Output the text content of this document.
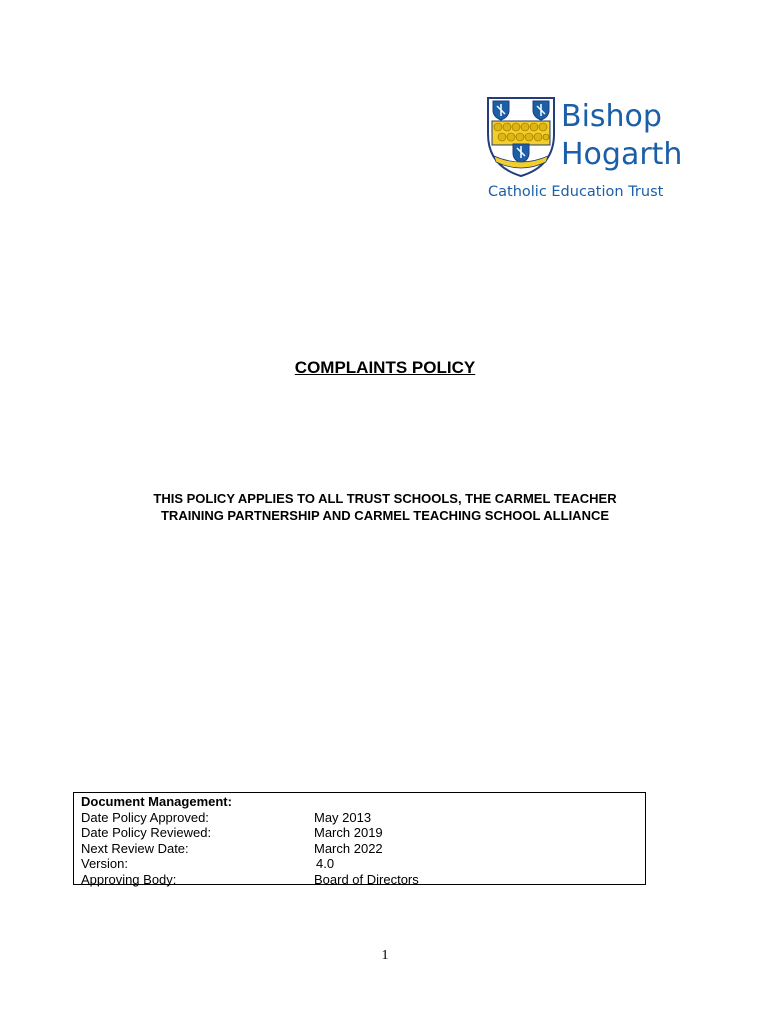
Bishop
Hogarth
Catholic Education Trust
COMPLAINTS POLICY
THIS POLICY APPLIES TO ALL TRUST SCHOOLS, THE CARMEL TEACHER
TRAINING PARTNERSHIP AND CARMEL TEACHING SCHOOL ALLIANCE
Document Management:
Date Policy Approved:	May 2013
Date Policy Reviewed:	March 2019
Next Review Date:	March 2022
Version:	4.0
Approving Body:	Board of Directors
1
